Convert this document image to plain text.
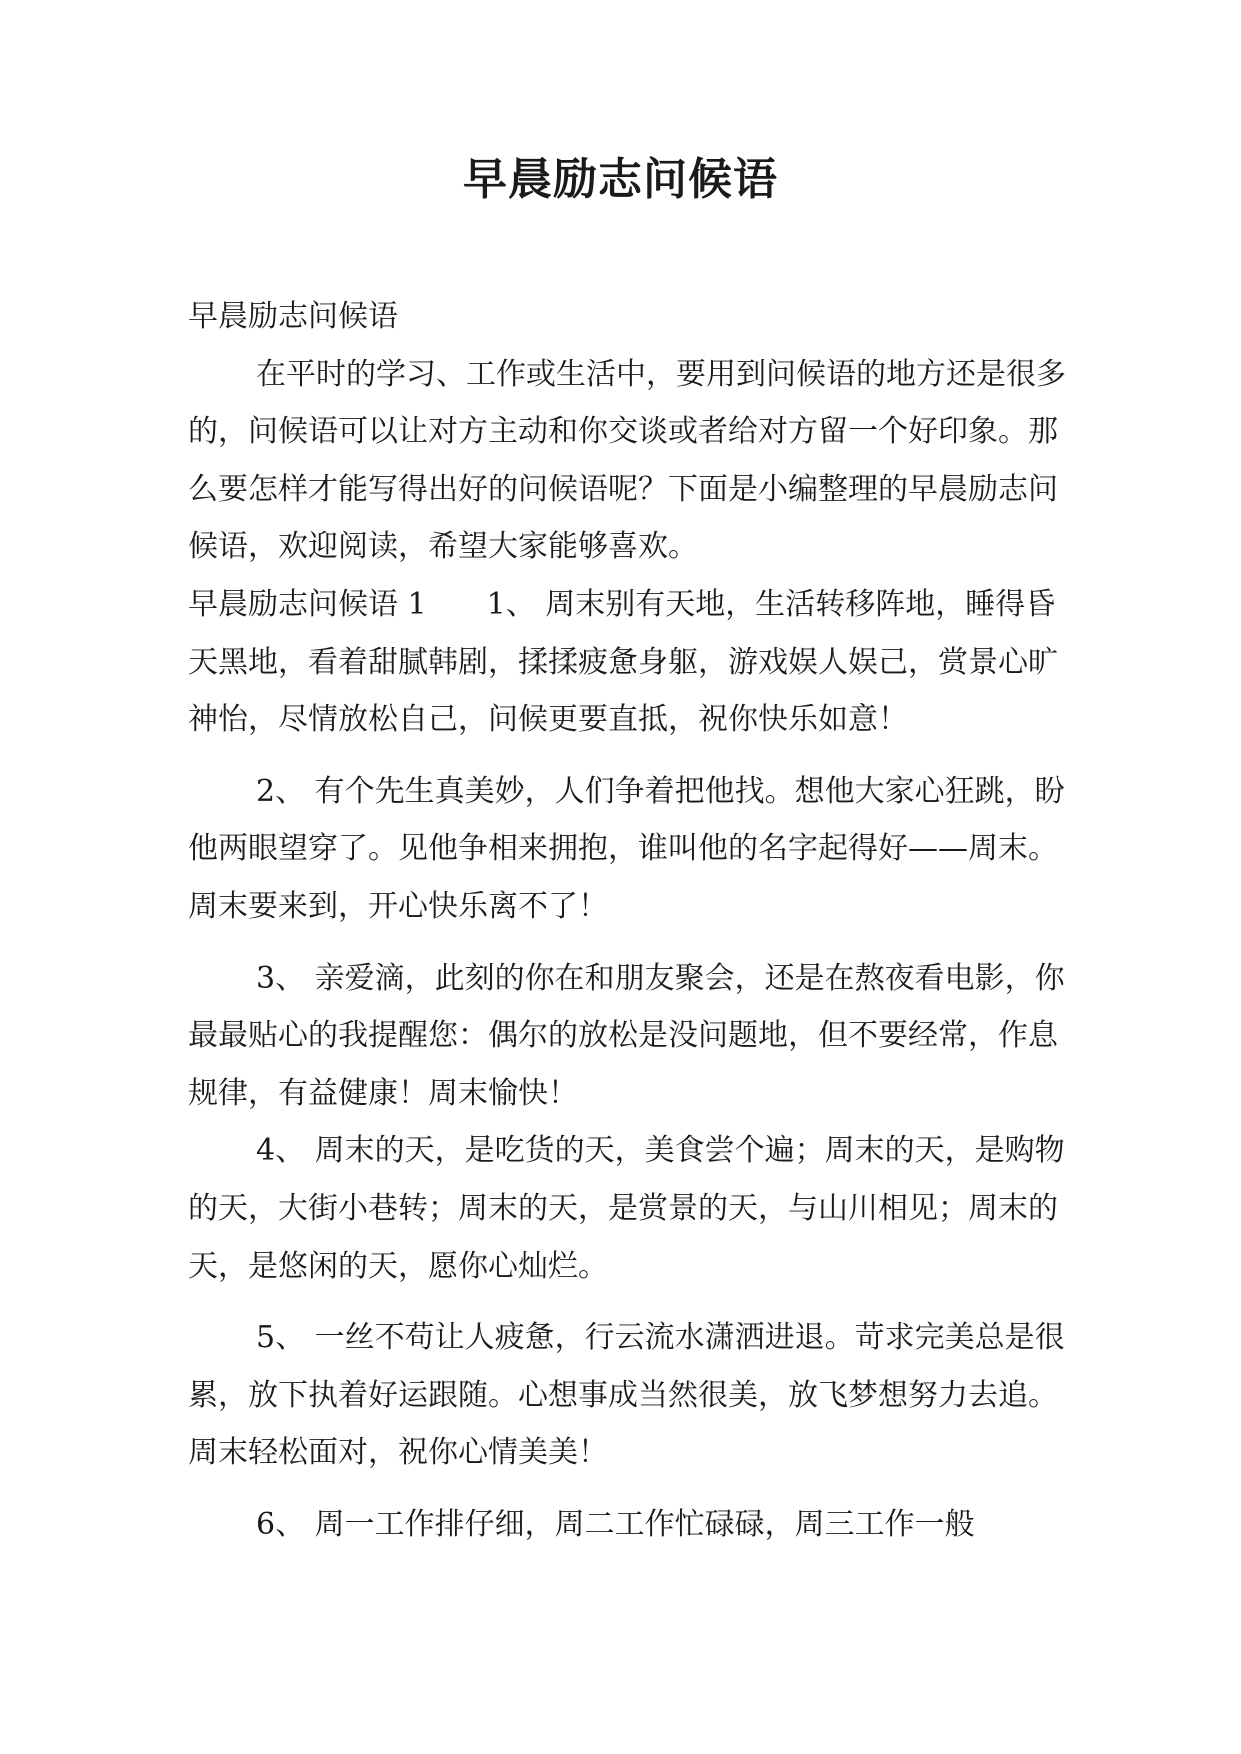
早晨励志问候语

早晨励志问候语

在平时的学习、工作或生活中，要用到问候语的地方还是很多的，问候语可以让对方主动和你交谈或者给对方留一个好印象。那么要怎样才能写得出好的问候语呢？下面是小编整理的早晨励志问候语，欢迎阅读，希望大家能够喜欢。

早晨励志问候语 1　　1、 周末别有天地，生活转移阵地，睡得昏天黑地，看着甜腻韩剧，揉揉疲惫身躯，游戏娱人娱己，赏景心旷神怡，尽情放松自己，问候更要直抵，祝你快乐如意！

2、 有个先生真美妙，人们争着把他找。想他大家心狂跳，盼他两眼望穿了。见他争相来拥抱，谁叫他的名字起得好——周末。周末要来到，开心快乐离不了！

3、 亲爱滴，此刻的你在和朋友聚会，还是在熬夜看电影，你最最贴心的我提醒您：偶尔的放松是没问题地，但不要经常，作息规律，有益健康！周末愉快！

4、 周末的天，是吃货的天，美食尝个遍；周末的天，是购物的天，大街小巷转；周末的天，是赏景的天，与山川相见；周末的天，是悠闲的天，愿你心灿烂。

5、 一丝不苟让人疲惫，行云流水潇洒进退。苛求完美总是很累，放下执着好运跟随。心想事成当然很美，放飞梦想努力去追。周末轻松面对，祝你心情美美！

6、 周一工作排仔细，周二工作忙碌碌，周三工作一般
